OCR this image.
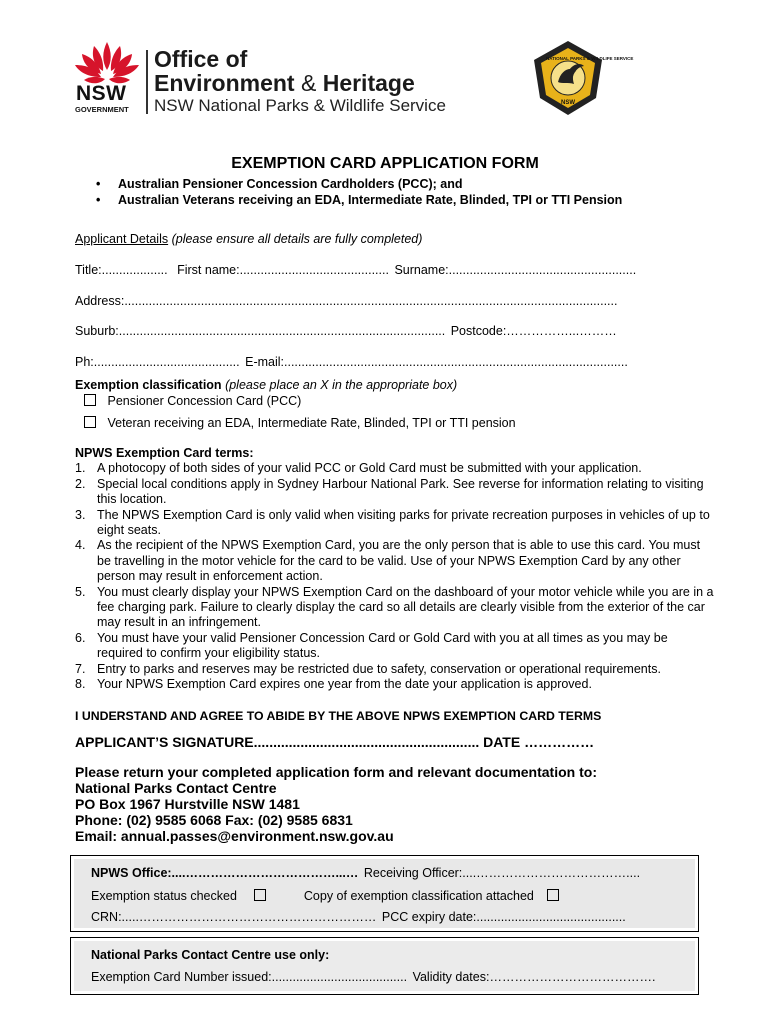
NSW
GOVERNMENT
Office of
Environment & Heritage
NSW National Parks & Wildlife Service
NATIONAL PARKS & WILDLIFE SERVICE
NSW
EXEMPTION CARD APPLICATION FORM
• Australian Pensioner Concession Cardholders (PCC); and
• Australian Veterans receiving an EDA, Intermediate Rate, Blinded, TPI or TTI Pension
Applicant Details (please ensure all details are fully completed)
Title:................... First name:........................................... Surname:......................................................
Address:..............................................................................................................................................
Suburb:.............................................................................................. Postcode:……………...………
Ph:.......................................... E-mail:...................................................................................................
Exemption classification (please place an X in the appropriate box)
Pensioner Concession Card (PCC)
Veteran receiving an EDA, Intermediate Rate, Blinded, TPI or TTI pension
NPWS Exemption Card terms:
1. A photocopy of both sides of your valid PCC or Gold Card must be submitted with your application.
2. Special local conditions apply in Sydney Harbour National Park. See reverse for information relating to visiting this location.
3. The NPWS Exemption Card is only valid when visiting parks for private recreation purposes in vehicles of up to eight seats.
4. As the recipient of the NPWS Exemption Card, you are the only person that is able to use this card. You must be travelling in the motor vehicle for the card to be valid. Use of your NPWS Exemption Card by any other person may result in enforcement action.
5. You must clearly display your NPWS Exemption Card on the dashboard of your motor vehicle while you are in a fee charging park. Failure to clearly display the card so all details are clearly visible from the exterior of the car may result in an infringement.
6. You must have your valid Pensioner Concession Card or Gold Card with you at all times as you may be required to confirm your eligibility status.
7. Entry to parks and reserves may be restricted due to safety, conservation or operational requirements.
8. Your NPWS Exemption Card expires one year from the date your application is approved.
I UNDERSTAND AND AGREE TO ABIDE BY THE ABOVE NPWS EXEMPTION CARD TERMS
APPLICANT’S SIGNATURE.......................................................... DATE ……………
Please return your completed application form and relevant documentation to:
National Parks Contact Centre
PO Box 1967 Hurstville NSW 1481
Phone: (02) 9585 6068 Fax: (02) 9585 6831
Email: annual.passes@environment.nsw.gov.au
NPWS Office:....………………………………...… Receiving Officer:....………………………………....
Exemption status checked	Copy of exemption classification attached
CRN:.....………………………………………………… PCC expiry date:...........................................
National Parks Contact Centre use only:
Exemption Card Number issued:....................................... Validity dates:………………………………….
